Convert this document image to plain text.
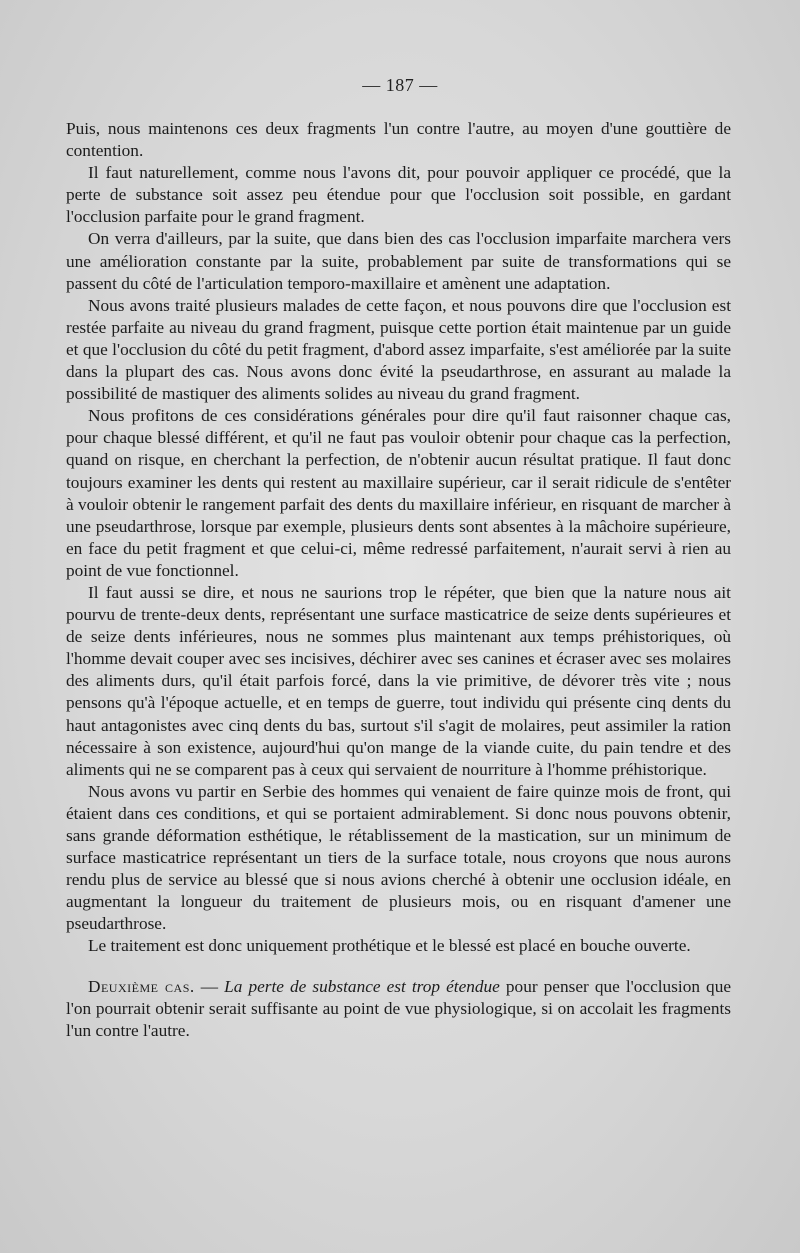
— 187 —

Puis, nous maintenons ces deux fragments l'un contre l'autre, au moyen d'une gouttière de contention.

Il faut naturellement, comme nous l'avons dit, pour pouvoir appliquer ce procédé, que la perte de substance soit assez peu étendue pour que l'occlusion soit possible, en gardant l'occlusion parfaite pour le grand fragment.

On verra d'ailleurs, par la suite, que dans bien des cas l'occlusion imparfaite marchera vers une amélioration constante par la suite, probablement par suite de transformations qui se passent du côté de l'articulation temporo-maxillaire et amènent une adaptation.

Nous avons traité plusieurs malades de cette façon, et nous pouvons dire que l'occlusion est restée parfaite au niveau du grand fragment, puisque cette portion était maintenue par un guide et que l'occlusion du côté du petit fragment, d'abord assez imparfaite, s'est améliorée par la suite dans la plupart des cas. Nous avons donc évité la pseudarthrose, en assurant au malade la possibilité de mastiquer des aliments solides au niveau du grand fragment.

Nous profitons de ces considérations générales pour dire qu'il faut raisonner chaque cas, pour chaque blessé différent, et qu'il ne faut pas vouloir obtenir pour chaque cas la perfection, quand on risque, en cherchant la perfection, de n'obtenir aucun résultat pratique. Il faut donc toujours examiner les dents qui restent au maxillaire supérieur, car il serait ridicule de s'entêter à vouloir obtenir le rangement parfait des dents du maxillaire inférieur, en risquant de marcher à une pseudarthrose, lorsque par exemple, plusieurs dents sont absentes à la mâchoire supérieure, en face du petit fragment et que celui-ci, même redressé parfaitement, n'aurait servi à rien au point de vue fonctionnel.

Il faut aussi se dire, et nous ne saurions trop le répéter, que bien que la nature nous ait pourvu de trente-deux dents, représentant une surface masticatrice de seize dents supérieures et de seize dents inférieures, nous ne sommes plus maintenant aux temps préhistoriques, où l'homme devait couper avec ses incisives, déchirer avec ses canines et écraser avec ses molaires des aliments durs, qu'il était parfois forcé, dans la vie primitive, de dévorer très vite ; nous pensons qu'à l'époque actuelle, et en temps de guerre, tout individu qui présente cinq dents du haut antagonistes avec cinq dents du bas, surtout s'il s'agit de molaires, peut assimiler la ration nécessaire à son existence, aujourd'hui qu'on mange de la viande cuite, du pain tendre et des aliments qui ne se comparent pas à ceux qui servaient de nourriture à l'homme préhistorique.

Nous avons vu partir en Serbie des hommes qui venaient de faire quinze mois de front, qui étaient dans ces conditions, et qui se portaient admirablement. Si donc nous pouvons obtenir, sans grande déformation esthétique, le rétablissement de la mastication, sur un minimum de surface masticatrice représentant un tiers de la surface totale, nous croyons que nous aurons rendu plus de service au blessé que si nous avions cherché à obtenir une occlusion idéale, en augmentant la longueur du traitement de plusieurs mois, ou en risquant d'amener une pseudarthrose.

Le traitement est donc uniquement prothétique et le blessé est placé en bouche ouverte.

Deuxième cas. — La perte de substance est trop étendue pour penser que l'occlusion que l'on pourrait obtenir serait suffisante au point de vue physiologique, si on accolait les fragments l'un contre l'autre.
